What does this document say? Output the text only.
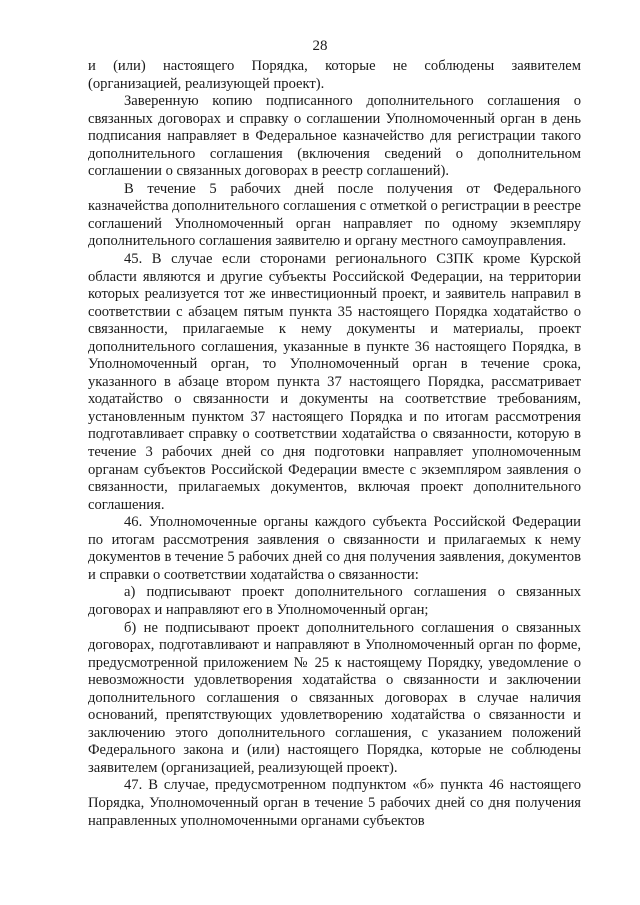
28

и (или) настоящего Порядка, которые не соблюдены заявителем (организацией, реализующей проект).

Заверенную копию подписанного дополнительного соглашения о связанных договорах и справку о соглашении Уполномоченный орган в день подписания направляет в Федеральное казначейство для регистрации такого дополнительного соглашения (включения сведений о дополнительном соглашении о связанных договорах в реестр соглашений).

В течение 5 рабочих дней после получения от Федерального казначейства дополнительного соглашения с отметкой о регистрации в реестре соглашений Уполномоченный орган направляет по одному экземпляру дополнительного соглашения заявителю и органу местного самоуправления.

45. В случае если сторонами регионального СЗПК кроме Курской области являются и другие субъекты Российской Федерации, на территории которых реализуется тот же инвестиционный проект, и заявитель направил в соответствии с абзацем пятым пункта 35 настоящего Порядка ходатайство о связанности, прилагаемые к нему документы и материалы, проект дополнительного соглашения, указанные в пункте 36 настоящего Порядка, в Уполномоченный орган, то Уполномоченный орган в течение срока, указанного в абзаце втором пункта 37 настоящего Порядка, рассматривает ходатайство о связанности и документы на соответствие требованиям, установленным пунктом 37 настоящего Порядка и по итогам рассмотрения подготавливает справку о соответствии ходатайства о связанности, которую в течение 3 рабочих дней со дня подготовки направляет уполномоченным органам субъектов Российской Федерации вместе с экземпляром заявления о связанности, прилагаемых документов, включая проект дополнительного соглашения.

46. Уполномоченные органы каждого субъекта Российской Федерации по итогам рассмотрения заявления о связанности и прилагаемых к нему документов в течение 5 рабочих дней со дня получения заявления, документов и справки о соответствии ходатайства о связанности:

а) подписывают проект дополнительного соглашения о связанных договорах и направляют его в Уполномоченный орган;

б) не подписывают проект дополнительного соглашения о связанных договорах, подготавливают и направляют в Уполномоченный орган по форме, предусмотренной приложением № 25 к настоящему Порядку, уведомление о невозможности удовлетворения ходатайства о связанности и заключении дополнительного соглашения о связанных договорах в случае наличия оснований, препятствующих удовлетворению ходатайства о связанности и заключению этого дополнительного соглашения, с указанием положений Федерального закона и (или) настоящего Порядка, которые не соблюдены заявителем (организацией, реализующей проект).

47. В случае, предусмотренном подпунктом «б» пункта 46 настоящего Порядка, Уполномоченный орган в течение 5 рабочих дней со дня получения направленных уполномоченными органами субъектов
